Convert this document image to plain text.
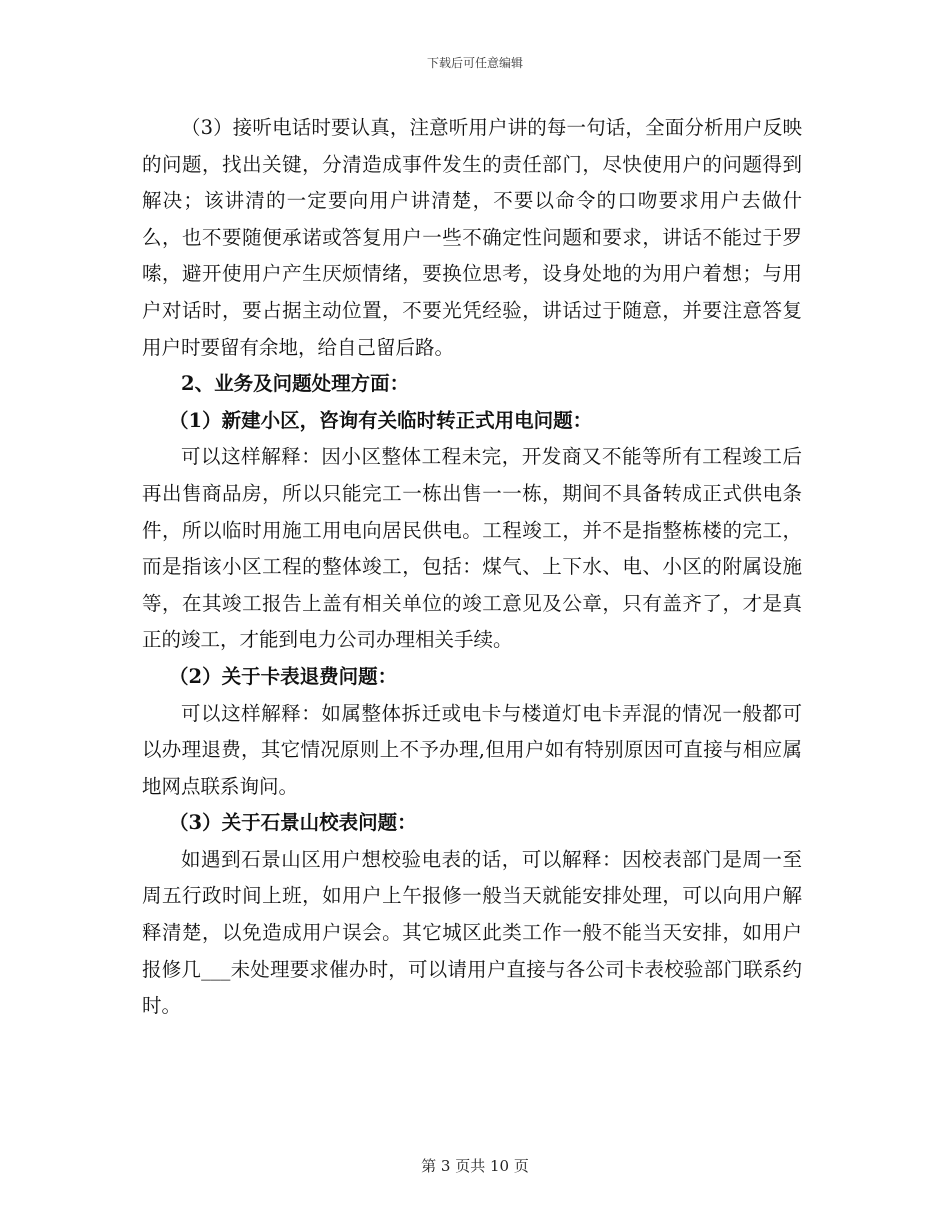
下载后可任意编辑

（3）接听电话时要认真，注意听用户讲的每一句话，全面分析用户反映的问题，找出关键，分清造成事件发生的责任部门，尽快使用户的问题得到解决；该讲清的一定要向用户讲清楚，不要以命令的口吻要求用户去做什么，也不要随便承诺或答复用户一些不确定性问题和要求，讲话不能过于罗嗦，避开使用户产生厌烦情绪，要换位思考，设身处地的为用户着想；与用户对话时，要占据主动位置，不要光凭经验，讲话过于随意，并要注意答复用户时要留有余地，给自己留后路。

2、业务及问题处理方面：

（1）新建小区，咨询有关临时转正式用电问题：

可以这样解释：因小区整体工程未完，开发商又不能等所有工程竣工后再出售商品房，所以只能完工一栋出售一一栋，期间不具备转成正式供电条件，所以临时用施工用电向居民供电。工程竣工，并不是指整栋楼的完工，而是指该小区工程的整体竣工，包括：煤气、上下水、电、小区的附属设施等，在其竣工报告上盖有相关单位的竣工意见及公章，只有盖齐了，才是真正的竣工，才能到电力公司办理相关手续。

（2）关于卡表退费问题：

可以这样解释：如属整体拆迁或电卡与楼道灯电卡弄混的情况一般都可以办理退费，其它情况原则上不予办理,但用户如有特别原因可直接与相应属地网点联系询问。

（3）关于石景山校表问题：

如遇到石景山区用户想校验电表的话，可以解释：因校表部门是周一至周五行政时间上班，如用户上午报修一般当天就能安排处理，可以向用户解释清楚，以免造成用户误会。其它城区此类工作一般不能当天安排，如用户报修几___未处理要求催办时，可以请用户直接与各公司卡表校验部门联系约时。

第 3 页共 10 页
